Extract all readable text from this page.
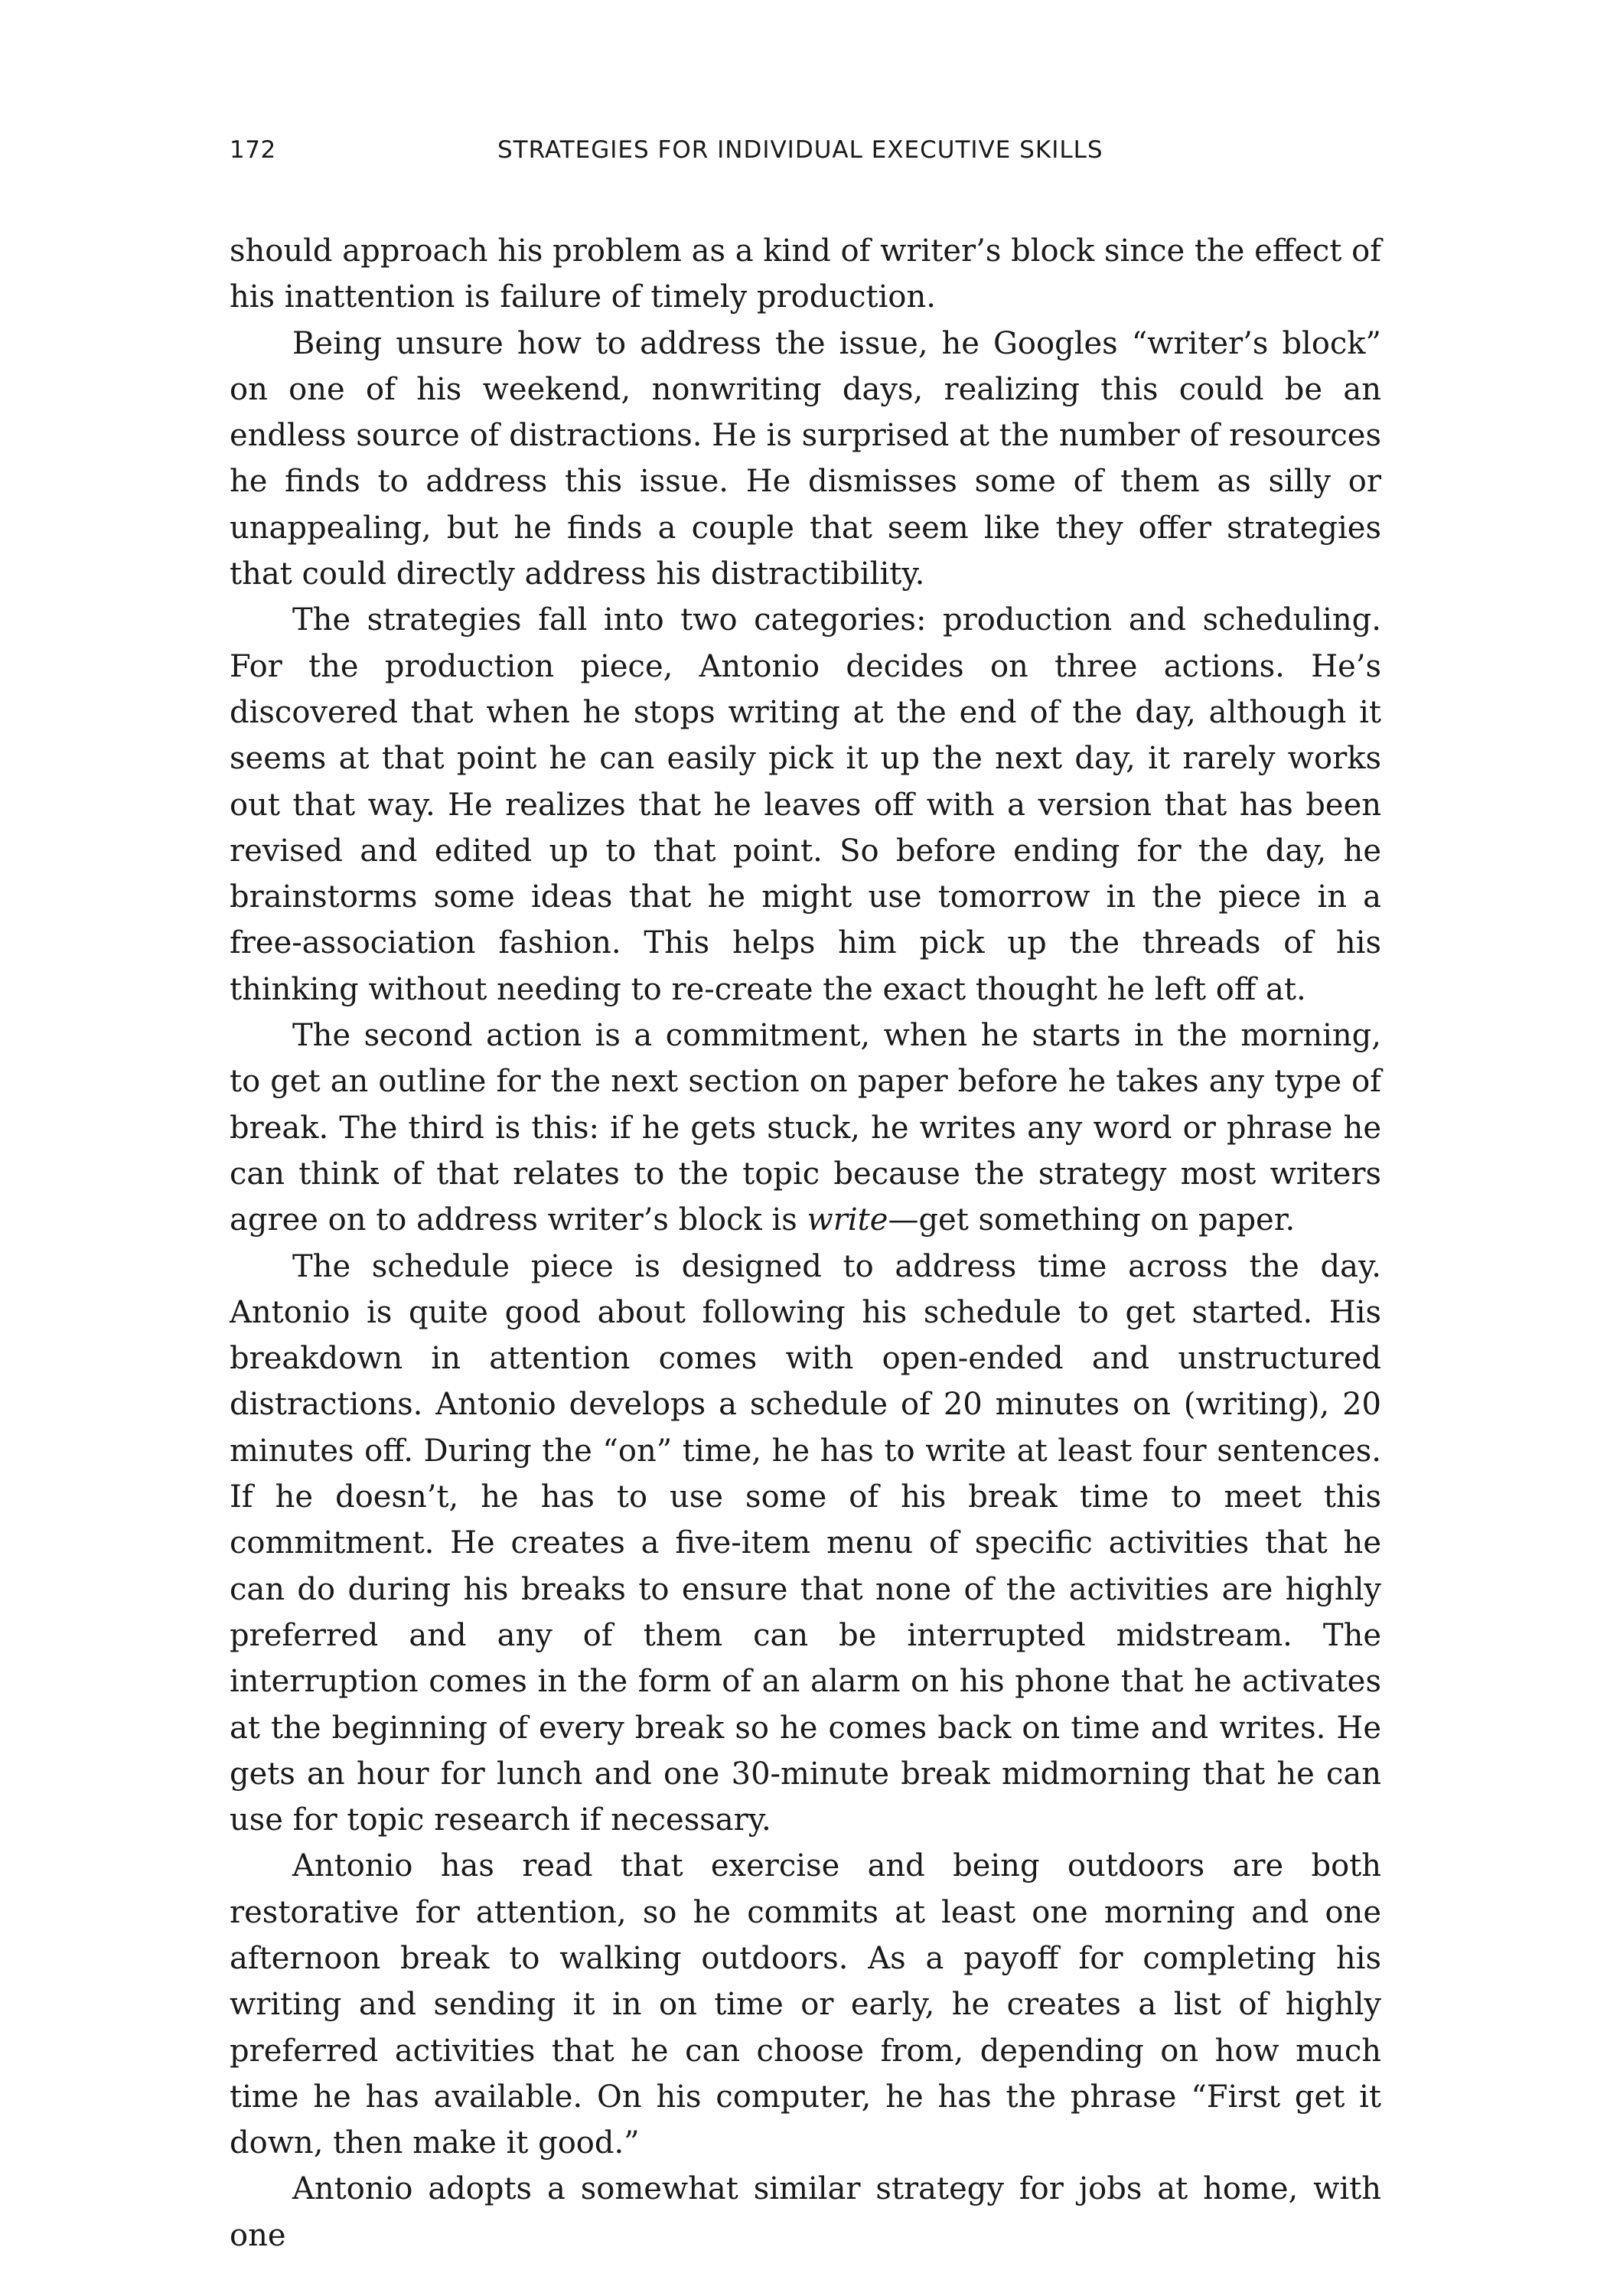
172	STRATEGIES FOR INDIVIDUAL EXECUTIVE SKILLS

should approach his problem as a kind of writer’s block since the effect of his inattention is failure of timely production.

Being unsure how to address the issue, he Googles “writer’s block” on one of his weekend, nonwriting days, realizing this could be an endless source of distractions. He is surprised at the number of resources he finds to address this issue. He dismisses some of them as silly or unappealing, but he finds a couple that seem like they offer strategies that could directly address his distractibility.

The strategies fall into two categories: production and scheduling. For the production piece, Antonio decides on three actions. He’s discovered that when he stops writing at the end of the day, although it seems at that point he can easily pick it up the next day, it rarely works out that way. He realizes that he leaves off with a version that has been revised and edited up to that point. So before ending for the day, he brainstorms some ideas that he might use tomorrow in the piece in a free-association fashion. This helps him pick up the threads of his thinking without needing to re-create the exact thought he left off at.

The second action is a commitment, when he starts in the morning, to get an outline for the next section on paper before he takes any type of break. The third is this: if he gets stuck, he writes any word or phrase he can think of that relates to the topic because the strategy most writers agree on to address writer’s block is write—get something on paper.

The schedule piece is designed to address time across the day. Antonio is quite good about following his schedule to get started. His breakdown in attention comes with open-ended and unstructured distractions. Antonio develops a schedule of 20 minutes on (writing), 20 minutes off. During the “on” time, he has to write at least four sentences. If he doesn’t, he has to use some of his break time to meet this commitment. He creates a five-item menu of specific activities that he can do during his breaks to ensure that none of the activities are highly preferred and any of them can be interrupted midstream. The interruption comes in the form of an alarm on his phone that he activates at the beginning of every break so he comes back on time and writes. He gets an hour for lunch and one 30-minute break midmorning that he can use for topic research if necessary.

Antonio has read that exercise and being outdoors are both restorative for attention, so he commits at least one morning and one afternoon break to walking outdoors. As a payoff for completing his writing and sending it in on time or early, he creates a list of highly preferred activities that he can choose from, depending on how much time he has available. On his computer, he has the phrase “First get it down, then make it good.”

Antonio adopts a somewhat similar strategy for jobs at home, with one
